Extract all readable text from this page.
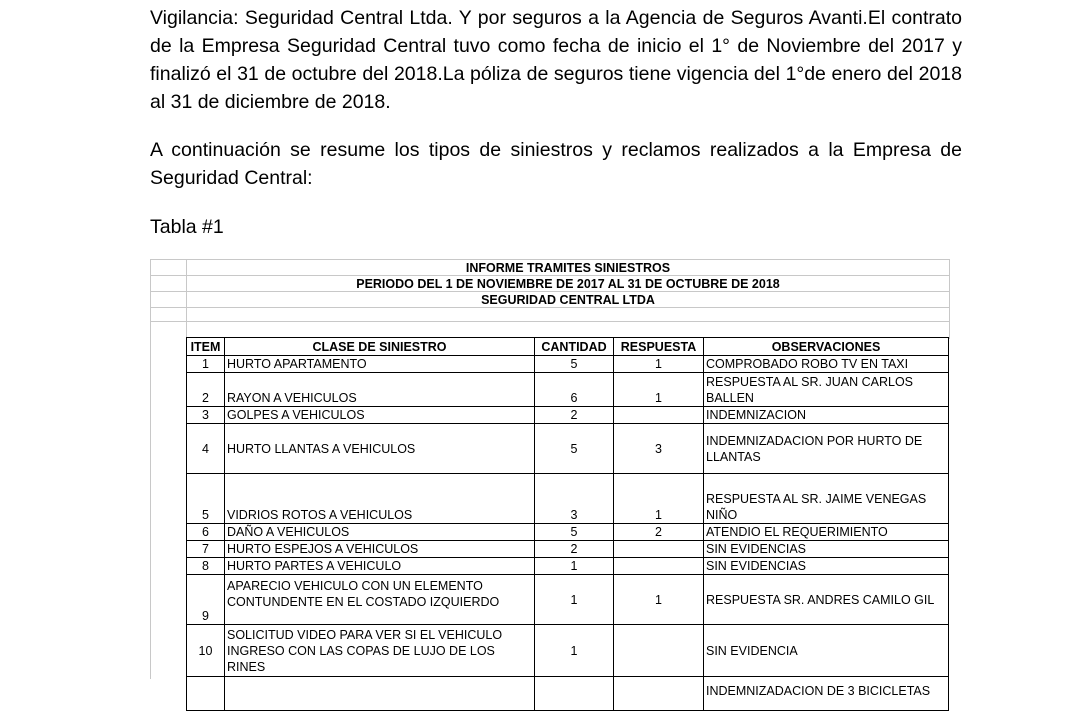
Vigilancia: Seguridad Central Ltda. Y por seguros a la Agencia de Seguros Avanti.El contrato de la Empresa Seguridad Central tuvo como fecha de inicio el 1° de Noviembre del 2017 y finalizó el 31 de octubre del 2018.La póliza de seguros tiene vigencia del 1°de enero del 2018 al 31 de diciembre de 2018.

A continuación se resume los tipos de siniestros y reclamos realizados a la Empresa de Seguridad Central:

Tabla #1

INFORME TRAMITES SINIESTROS
PERIODO DEL 1 DE NOVIEMBRE DE 2017 AL 31 DE OCTUBRE DE 2018
SEGURIDAD CENTRAL LTDA
ITEM	CLASE DE SINIESTRO	CANTIDAD	RESPUESTA	OBSERVACIONES
1	HURTO APARTAMENTO	5	1	COMPROBADO ROBO TV EN TAXI
2	RAYON A VEHICULOS	6	1	RESPUESTA AL SR. JUAN CARLOS BALLEN
3	GOLPES A VEHICULOS	2		INDEMNIZACION
4	HURTO LLANTAS A VEHICULOS	5	3	INDEMNIZADACION POR HURTO DE LLANTAS
5	VIDRIOS ROTOS A VEHICULOS	3	1	RESPUESTA AL SR. JAIME VENEGAS NIÑO
6	DAÑO A VEHICULOS	5	2	ATENDIO EL REQUERIMIENTO
7	HURTO ESPEJOS A VEHICULOS	2		SIN EVIDENCIAS
8	HURTO PARTES A VEHICULO	1		SIN EVIDENCIAS
9	APARECIO VEHICULO CON UN ELEMENTO CONTUNDENTE EN EL COSTADO IZQUIERDO	1	1	RESPUESTA SR. ANDRES CAMILO GIL
10	SOLICITUD VIDEO PARA VER SI EL VEHICULO INGRESO CON LAS COPAS DE LUJO DE LOS RINES	1		SIN EVIDENCIA
				INDEMNIZADACION DE 3 BICICLETAS
